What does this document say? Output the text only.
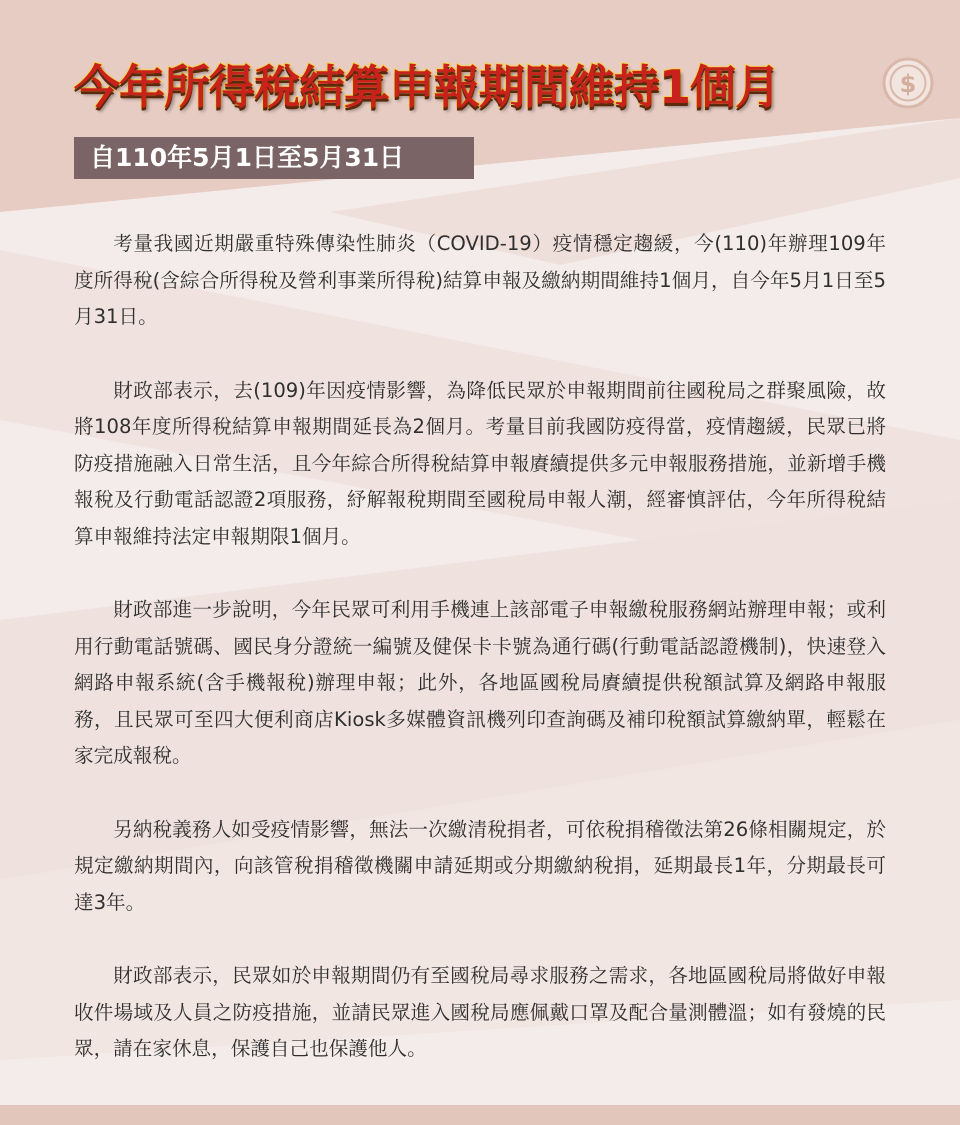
今年所得稅結算申報期間維持1個月	$
自110年5月1日至5月31日

考量我國近期嚴重特殊傳染性肺炎（COVID-19）疫情穩定趨緩，今(110)年辦理109年度所得稅(含綜合所得稅及營利事業所得稅)結算申報及繳納期間維持1個月，自今年5月1日至5月31日。

財政部表示，去(109)年因疫情影響，為降低民眾於申報期間前往國稅局之群聚風險，故將108年度所得稅結算申報期間延長為2個月。考量目前我國防疫得當，疫情趨緩，民眾已將防疫措施融入日常生活，且今年綜合所得稅結算申報賡續提供多元申報服務措施，並新增手機報稅及行動電話認證2項服務，紓解報稅期間至國稅局申報人潮，經審慎評估，今年所得稅結算申報維持法定申報期限1個月。

財政部進一步說明，今年民眾可利用手機連上該部電子申報繳稅服務網站辦理申報；或利用行動電話號碼、國民身分證統一編號及健保卡卡號為通行碼(行動電話認證機制)，快速登入網路申報系統(含手機報稅)辦理申報；此外，各地區國稅局賡續提供稅額試算及網路申報服務，且民眾可至四大便利商店Kiosk多媒體資訊機列印查詢碼及補印稅額試算繳納單，輕鬆在家完成報稅。

另納稅義務人如受疫情影響，無法一次繳清稅捐者，可依稅捐稽徵法第26條相關規定，於規定繳納期間內，向該管稅捐稽徵機關申請延期或分期繳納稅捐，延期最長1年，分期最長可達3年。

財政部表示，民眾如於申報期間仍有至國稅局尋求服務之需求，各地區國稅局將做好申報收件場域及人員之防疫措施，並請民眾進入國稅局應佩戴口罩及配合量測體溫；如有發燒的民眾，請在家休息，保護自己也保護他人。
